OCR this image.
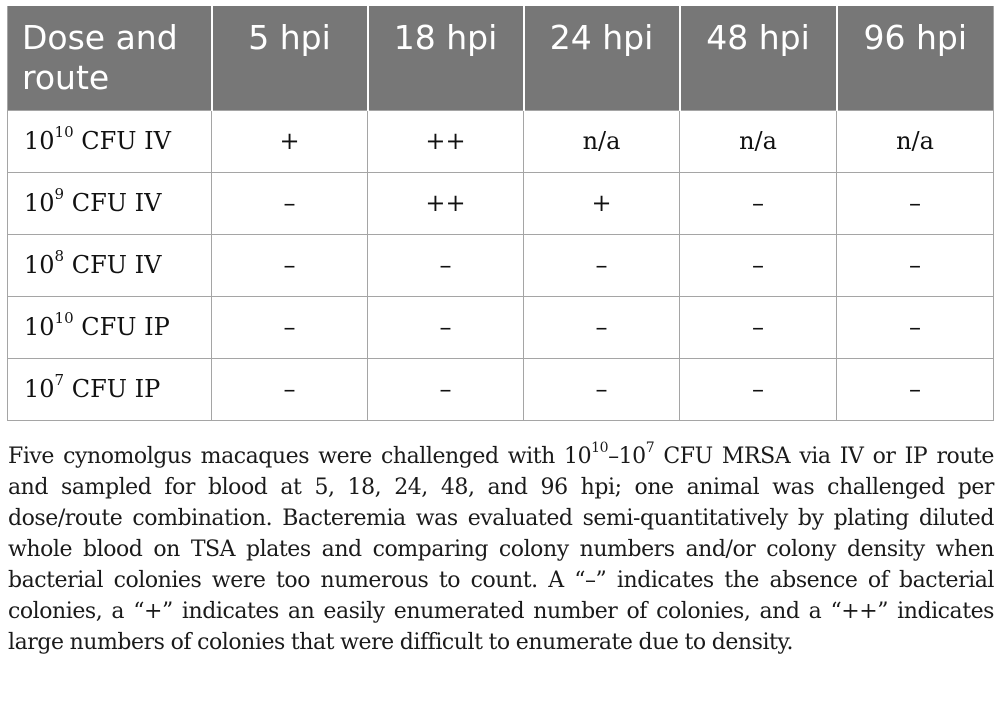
Dose and route	5 hpi	18 hpi	24 hpi	48 hpi	96 hpi
$10^{10}$ CFU IV	+	++	n/a	n/a	n/a
$10^9$ CFU IV	–	++	+	–	–
$10^8$ CFU IV	–	–	–	–	–
$10^{10}$ CFU IP	–	–	–	–	–
$10^7$ CFU IP	–	–	–	–	–
Five cynomolgus macaques were challenged with $10^{10}-10^7$ CFU MRSA via IV or IP route and sampled for blood at 5, 18, 24, 48, and 96 hpi; one animal was challenged per dose/route combination. Bacteremia was evaluated semi-quantitatively by plating diluted whole blood on TSA plates and comparing colony numbers and/or colony density when bacterial colonies were too numerous to count. A “–” indicates the absence of bacterial colonies, a “+” indicates an easily enumerated number of colonies, and a “++” indicates large numbers of colonies that were difficult to enumerate due to density.
